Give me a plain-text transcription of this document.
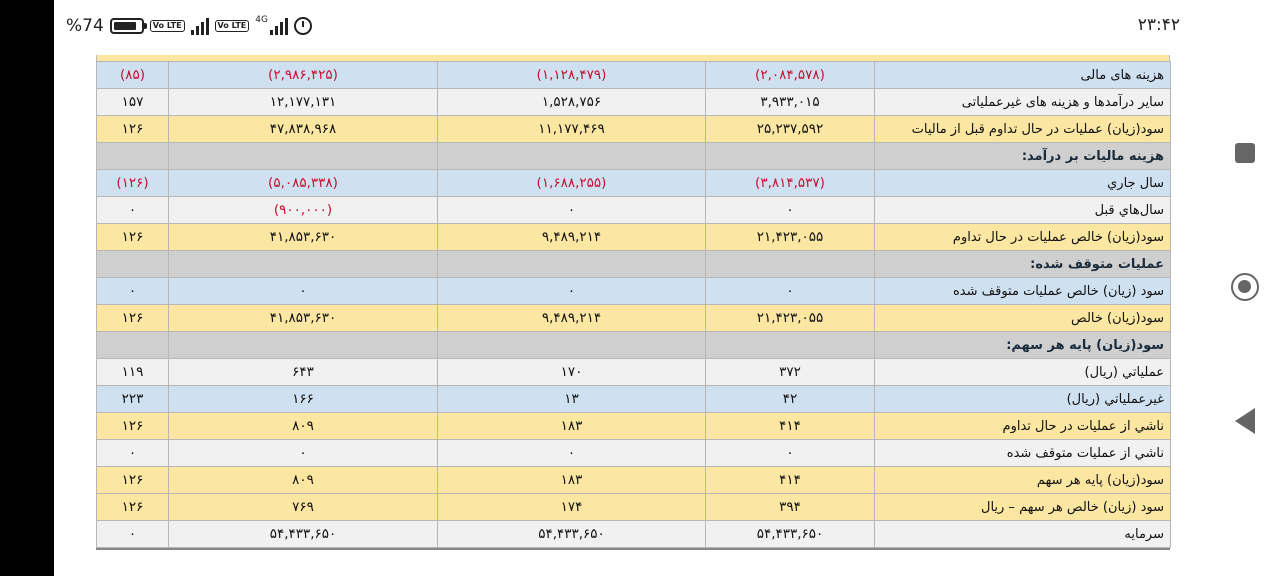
% 74	Vo LTE	Vo LTE
4G	۲۳:۴۲
هزینه های مالی	(۲,۰۸۴,۵۷۸)	(۱,۱۲۸,۴۷۹)	(۲,۹۸۶,۴۲۵)	(۸۵)
سایر درآمدها و هزینه های غیرعملیاتی	۳,۹۳۳,۰۱۵	۱,۵۲۸,۷۵۶	۱۲,۱۷۷,۱۳۱	۱۵۷
سود(زیان) عملیات در حال تداوم قبل از مالیات	۲۵,۲۳۷,۵۹۲	۱۱,۱۷۷,۴۶۹	۴۷,۸۳۸,۹۶۸	۱۲۶
هزینه مالیات بر درآمد:				
سال جاري	(۳,۸۱۴,۵۳۷)	(۱,۶۸۸,۲۵۵)	(۵,۰۸۵,۳۳۸)	(۱۲۶)
سال‌هاي قبل	۰	۰	(۹۰۰,۰۰۰)	۰
سود(زیان) خالص عملیات در حال تداوم	۲۱,۴۲۳,۰۵۵	۹,۴۸۹,۲۱۴	۴۱,۸۵۳,۶۳۰	۱۲۶
عملیات متوقف شده:				
سود (زیان) خالص عملیات متوقف شده	۰	۰	۰	۰
سود(زیان) خالص	۲۱,۴۲۳,۰۵۵	۹,۴۸۹,۲۱۴	۴۱,۸۵۳,۶۳۰	۱۲۶
سود(زیان) پایه هر سهم:				
عملیاتي (ریال)	۳۷۲	۱۷۰	۶۴۳	۱۱۹
غیرعملیاتي (ریال)	۴۲	۱۳	۱۶۶	۲۲۳
ناشي از عملیات در حال تداوم	۴۱۴	۱۸۳	۸۰۹	۱۲۶
ناشي از عملیات متوقف شده	۰	۰	۰	۰
سود(زیان) پایه هر سهم	۴۱۴	۱۸۳	۸۰۹	۱۲۶
سود (زیان) خالص هر سهم – ریال	۳۹۴	۱۷۴	۷۶۹	۱۲۶
سرمایه	۵۴,۴۳۳,۶۵۰	۵۴,۴۳۳,۶۵۰	۵۴,۴۳۳,۶۵۰	۰
